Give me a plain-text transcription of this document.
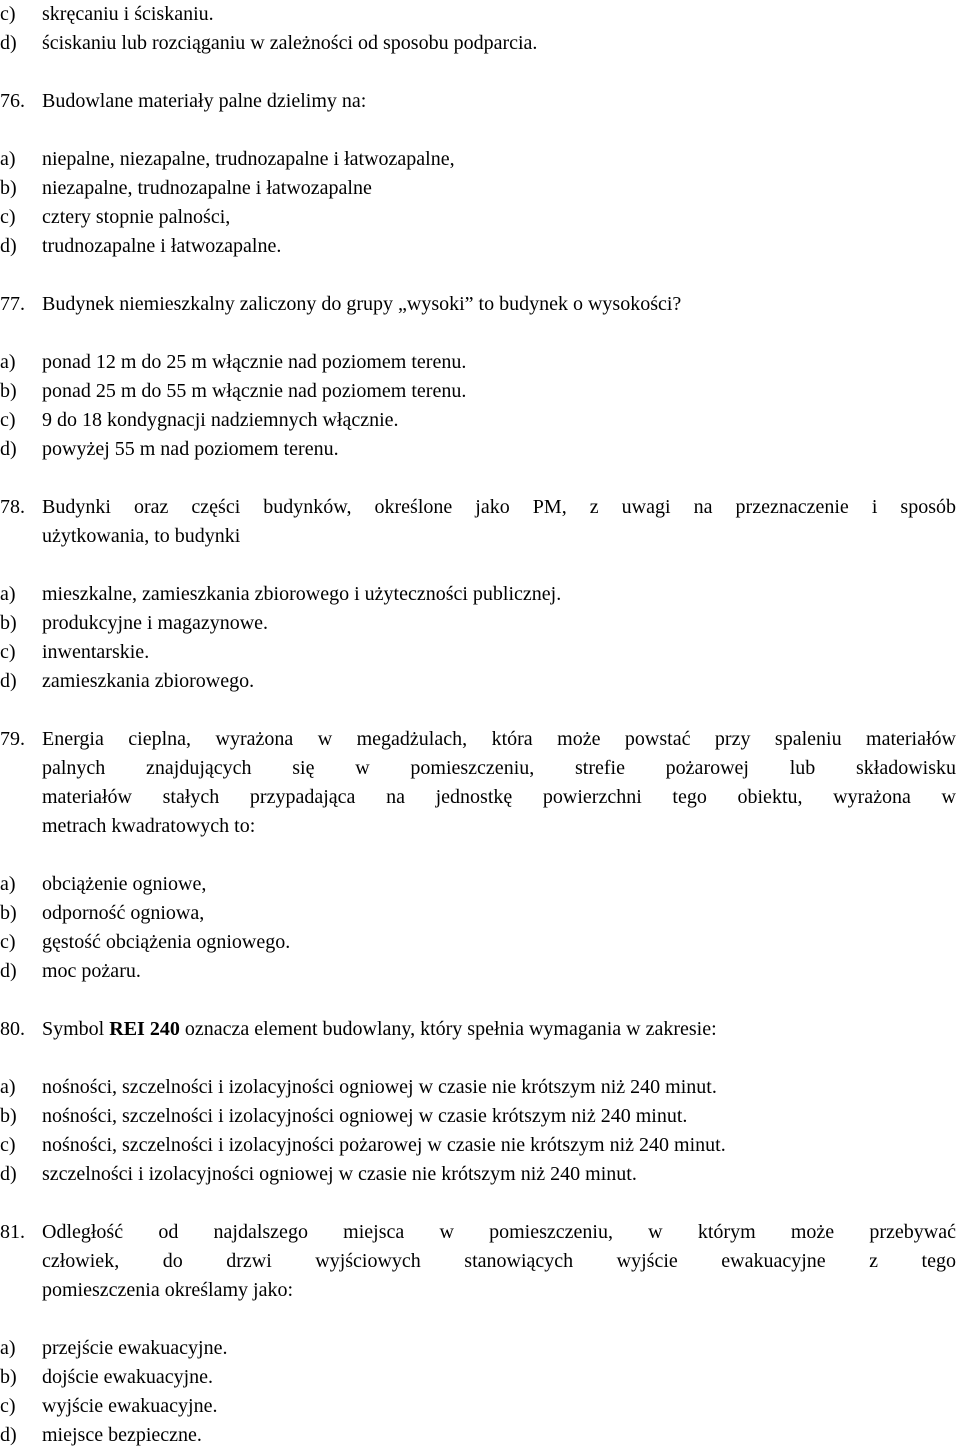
c) skręcaniu i ściskaniu.
d) ściskaniu lub rozciąganiu w zależności od sposobu podparcia.
76. Budowlane materiały palne dzielimy na:
a) niepalne, niezapalne, trudnozapalne i łatwozapalne,
b) niezapalne, trudnozapalne i łatwozapalne
c) cztery stopnie palności,
d) trudnozapalne i łatwozapalne.
77. Budynek niemieszkalny zaliczony do grupy „wysoki” to budynek o wysokości?
a) ponad 12 m do 25 m włącznie nad poziomem terenu.
b) ponad 25 m do 55 m włącznie nad poziomem terenu.
c) 9 do 18 kondygnacji nadziemnych włącznie.
d) powyżej 55 m nad poziomem terenu.
78. Budynki oraz części budynków, określone jako PM, z uwagi na przeznaczenie i sposób
użytkowania, to budynki
a) mieszkalne, zamieszkania zbiorowego i użyteczności publicznej.
b) produkcyjne i magazynowe.
c) inwentarskie.
d) zamieszkania zbiorowego.
79. Energia cieplna, wyrażona w megadżulach, która może powstać przy spaleniu materiałów
palnych znajdujących się w pomieszczeniu, strefie pożarowej lub składowisku
materiałów stałych przypadająca na jednostkę powierzchni tego obiektu, wyrażona w
metrach kwadratowych to:
a) obciążenie ogniowe,
b) odporność ogniowa,
c) gęstość obciążenia ogniowego.
d) moc pożaru.
80. Symbol REI 240 oznacza element budowlany, który spełnia wymagania w zakresie:
a) nośności, szczelności i izolacyjności ogniowej w czasie nie krótszym niż 240 minut.
b) nośności, szczelności i izolacyjności ogniowej w czasie krótszym niż 240 minut.
c) nośności, szczelności i izolacyjności pożarowej w czasie nie krótszym niż 240 minut.
d) szczelności i izolacyjności ogniowej w czasie nie krótszym niż 240 minut.
81. Odległość od najdalszego miejsca w pomieszczeniu, w którym może przebywać
człowiek, do drzwi wyjściowych stanowiących wyjście ewakuacyjne z tego
pomieszczenia określamy jako:
a) przejście ewakuacyjne.
b) dojście ewakuacyjne.
c) wyjście ewakuacyjne.
d) miejsce bezpieczne.
